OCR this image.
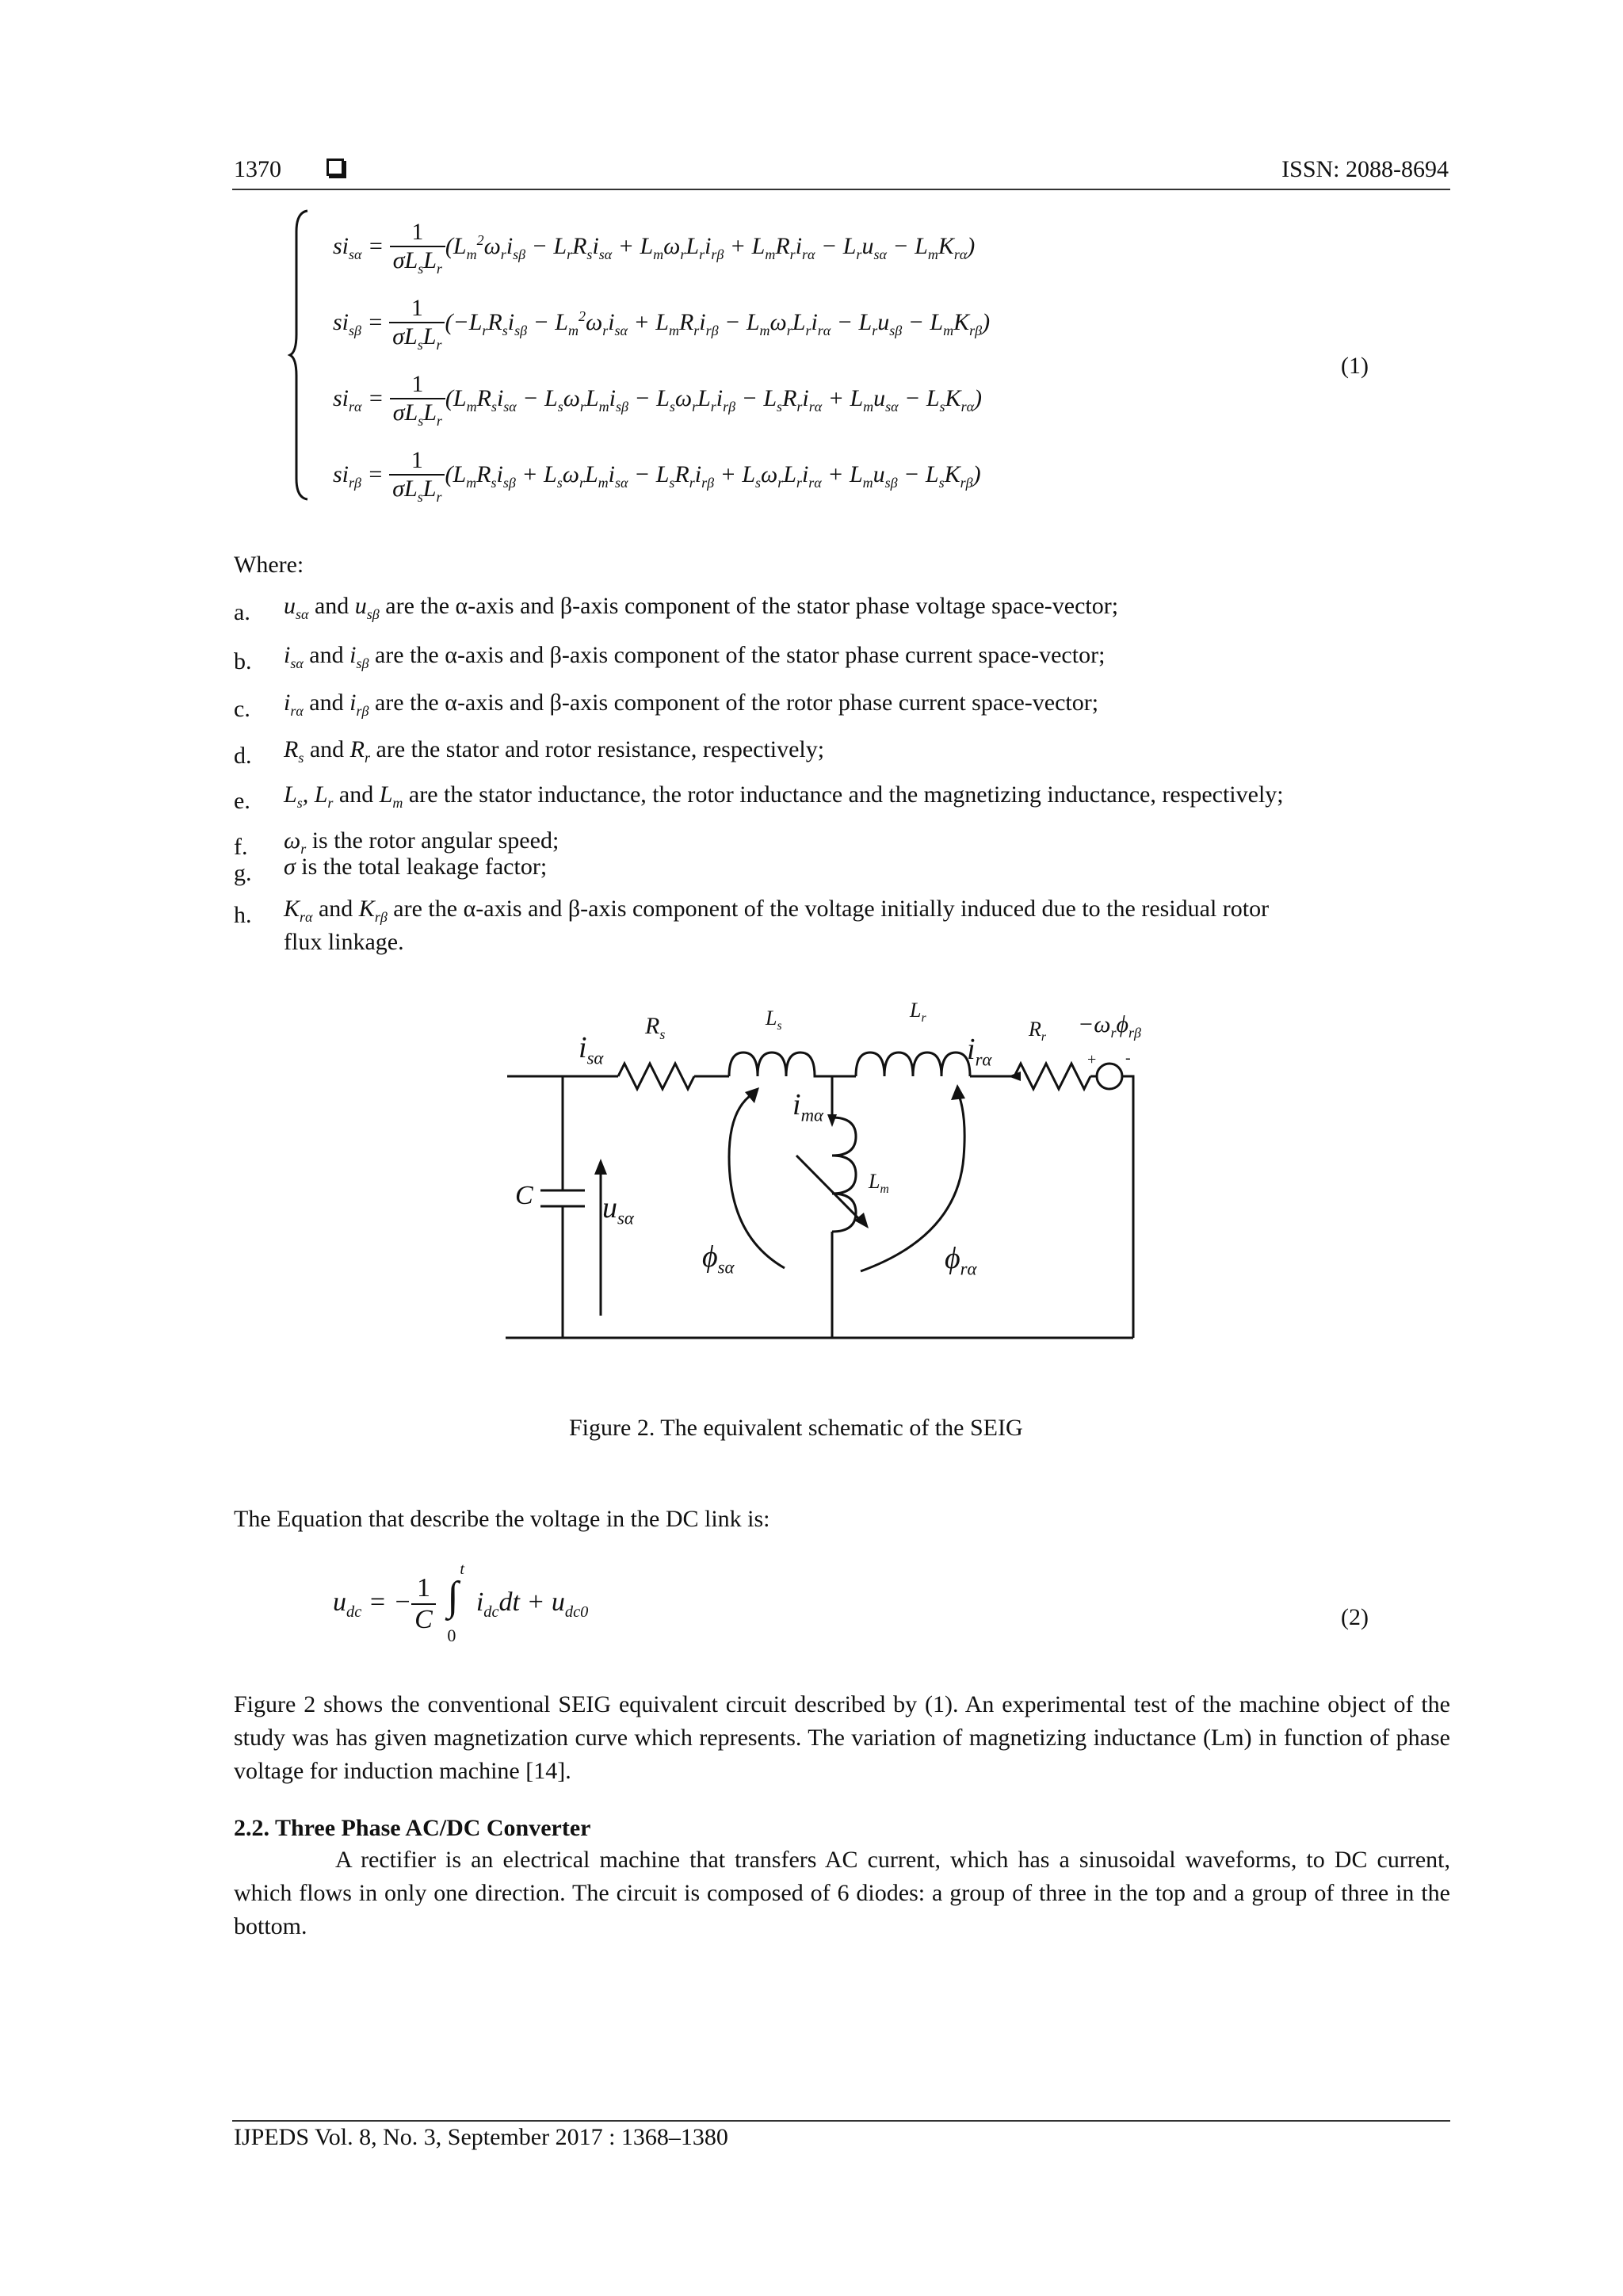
1370	ISSN: 2088-8694
$si_{s\alpha} = \frac{1}{\sigma L_sL_r} (L_m^2\omega_ri_{s\beta} - L_rR_si_{s\alpha} + L_m\omega_rL_ri_{r\beta} + L_mR_ri_{r\alpha} - L_ru_{s\alpha} - L_mK_{r\alpha})$
$si_{s\beta} = \frac{1}{\sigma L_sL_r} (-L_rR_si_{s\beta} - L_m^2\omega_ri_{s\alpha} + L_mR_ri_{r\beta} - L_m\omega_rL_ri_{r\alpha} - L_ru_{s\beta} - L_mK_{r\beta})$
$si_{r\alpha} = \frac{1}{\sigma L_sL_r} (L_mR_si_{s\alpha} - L_s\omega_rL_mi_{s\beta} - L_s\omega_rL_ri_{r\beta} - L_sR_ri_{r\alpha} + L_mu_{s\alpha} - L_sK_{r\alpha})$
$si_{r\beta} = \frac{1}{\sigma L_sL_r} (L_mR_si_{s\beta} + L_s\omega_rL_mi_{s\alpha} - L_sR_ri_{r\beta} + L_s\omega_rL_ri_{r\alpha} + L_mu_{s\beta} - L_sK_{r\beta})$
(1)
Where:
a. $u_{s\alpha}$ and $u_{s\beta}$ are the α-axis and β-axis component of the stator phase voltage space-vector;
b. $i_{s\alpha}$ and $i_{s\beta}$ are the α-axis and β-axis component of the stator phase current space-vector;
c. $i_{r\alpha}$ and $i_{r\beta}$ are the α-axis and β-axis component of the rotor phase current space-vector;
d. $R_s$ and $R_r$ are the stator and rotor resistance, respectively;
e. $L_s$, $L_r$ and $L_m$ are the stator inductance, the rotor inductance and the magnetizing inductance, respectively;
f. $\omega_r$ is the rotor angular speed;
g. σ is the total leakage factor;
h. $K_{r\alpha}$ and $K_{r\beta}$ are the α-axis and β-axis component of the voltage initially induced due to the residual rotor
flux linkage.
$i_{s\alpha}$
$R_s$
$L_s$
$L_r$
$i_{r\alpha}$
$R_r -\omega_r\phi_{r\beta}$
+ -
$i_{m\alpha}$
$L_m$
C $u_{s\alpha}$
$\phi_{s\alpha}$	$\phi_{r\alpha}$
Figure 2. The equivalent schematic of the SEIG
The Equation that describe the voltage in the DC link is:
$u_{dc}$ = − $\frac{1}{C}$
∫
t
0
$i_{dc}dt + u_{dc0}$	(2)
Figure 2 shows the conventional SEIG equivalent circuit described by (1). An experimental test of the machine object of the study was has given magnetization curve which represents. The variation of magnetizing inductance (Lm) in function of phase voltage for induction machine [14].
2.2. Three Phase AC/DC Converter
A rectifier is an electrical machine that transfers AC current, which has a sinusoidal waveforms, to DC current, which flows in only one direction. The circuit is composed of 6 diodes: a group of three in the top and a group of three in the bottom.
IJPEDS Vol. 8, No. 3, September 2017 : 1368–1380
